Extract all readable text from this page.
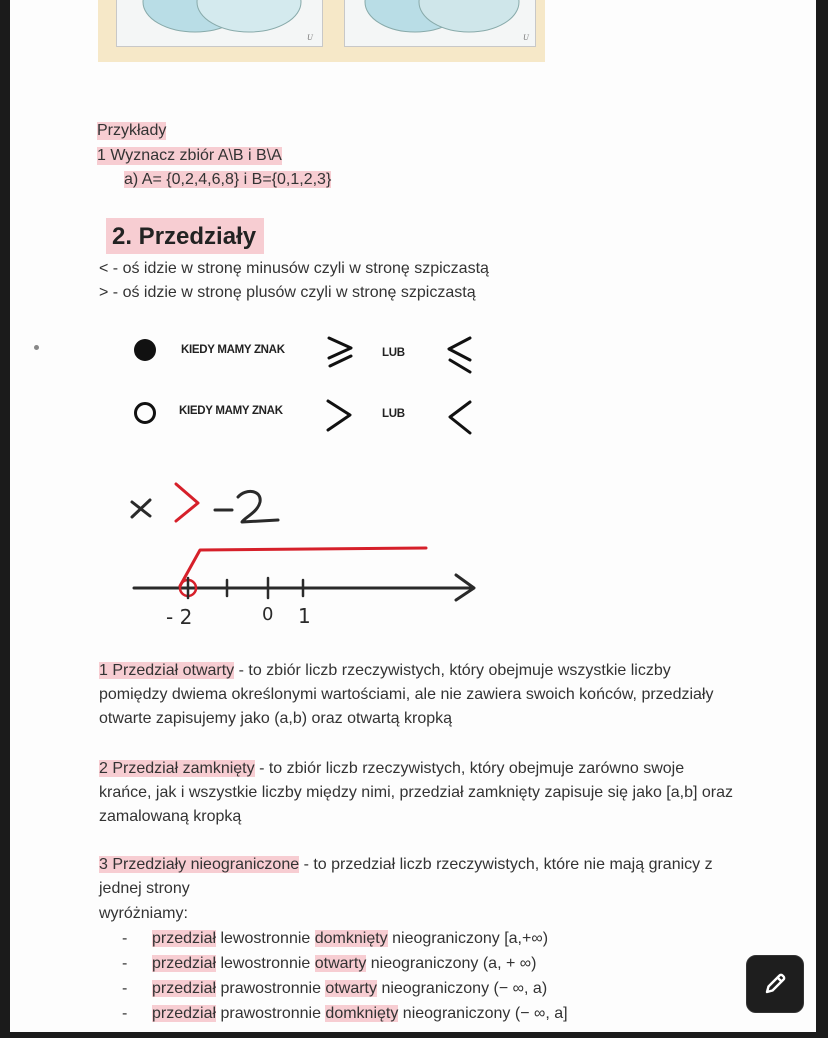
U	U
Przykłady
1 Wyznacz zbiór A\B i B\A
a) A= {0,2,4,6,8} i B={0,1,2,3}
2. Przedziały
< - oś idzie w stronę minusów czyli w stronę szpiczastą
> - oś idzie w stronę plusów czyli w stronę szpiczastą
KIEDY MAMY ZNAK	LUB
KIEDY MAMY ZNAK	LUB
- 2	0 1
1 Przedział otwarty - to zbiór liczb rzeczywistych, który obejmuje wszystkie liczby pomiędzy dwiema określonymi wartościami, ale nie zawiera swoich końców, przedziały otwarte zapisujemy jako (a,b) oraz otwartą kropką
2 Przedział zamknięty - to zbiór liczb rzeczywistych, który obejmuje zarówno swoje krańce, jak i wszystkie liczby między nimi, przedział zamknięty zapisuje się jako [a,b] oraz zamalowaną kropką
3 Przedziały nieograniczone - to przedział liczb rzeczywistych, które nie mają granicy z jednej strony
wyróżniamy:
- przedział lewostronnie domknięty nieograniczony [a,+∞)
- przedział lewostronnie otwarty nieograniczony (a, + ∞)
- przedział prawostronnie otwarty nieograniczony (− ∞, a)
- przedział prawostronnie domknięty nieograniczony (− ∞, a]
